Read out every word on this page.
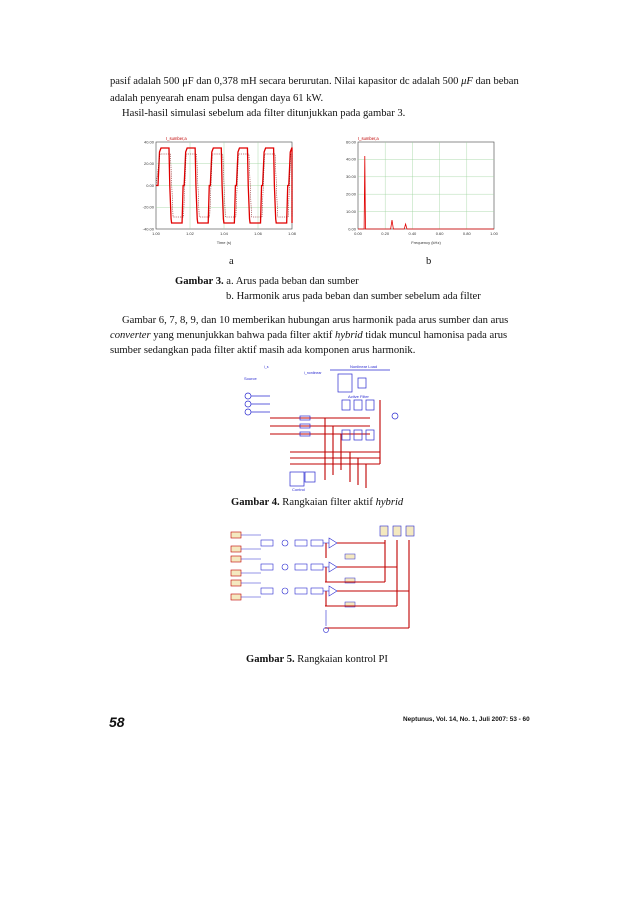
pasif adalah 500 μF dan 0,378 mH secara berurutan. Nilai kapasitor dc adalah 500 μF dan beban
adalah penyearah enam pulsa dengan daya 61 kW.
Hasil-hasil simulasi sebelum ada filter ditunjukkan pada gambar 3.
I_sumber,a
40.00
20.00
0.00
-20.00
-40.00
1.00	1.02	1.04	1.06	1.08
Time (s)
I_sumber,a
60.00
40.00
30.00
20.00
10.00
0.00
0.00	0.20	0.40	0.60	0.80	1.00
Frequency (kHz)
a	b
Gambar 3. a. Arus pada beban dan sumber
b. Harmonik arus pada beban dan sumber sebelum ada filter
Gambar 6, 7, 8, 9, dan 10 memberikan hubungan arus harmonik pada arus sumber dan arus
converter yang menunjukkan bahwa pada filter aktif hybrid tidak muncul hamonisa pada arus
sumber sedangkan pada filter aktif masih ada komponen arus harmonik.
Source
Nonlinear Load
Active Filter
Control
i_s
i_nonlinear
Gambar 4. Rangkaian filter aktif hybrid
Gambar 5. Rangkaian kontrol PI
58	Neptunus, Vol. 14, No. 1, Juli 2007: 53 - 60
